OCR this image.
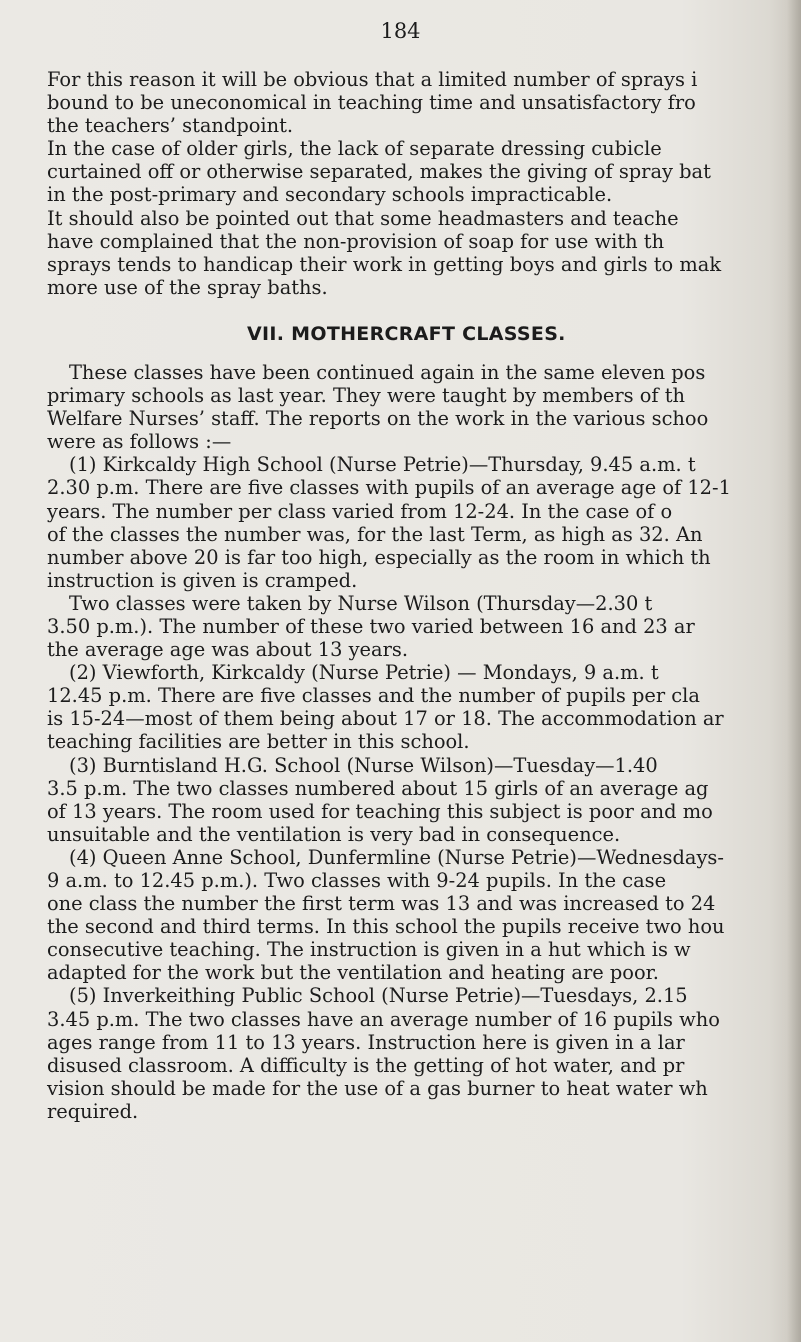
184
For this reason it will be obvious that a limited number of sprays i
bound to be uneconomical in teaching time and unsatisfactory fro
the teachers’ standpoint.
In the case of older girls, the lack of separate dressing cubicle
curtained off or otherwise separated, makes the giving of spray bat
in the post-primary and secondary schools impracticable.
It should also be pointed out that some headmasters and teache
have complained that the non-provision of soap for use with th
sprays tends to handicap their work in getting boys and girls to mak
more use of the spray baths.
VII. MOTHERCRAFT CLASSES.
These classes have been continued again in the same eleven pos
primary schools as last year. They were taught by members of th
Welfare Nurses’ staff. The reports on the work in the various schoo
were as follows :—
(1) Kirkcaldy High School (Nurse Petrie)—Thursday, 9.45 a.m. t
2.30 p.m. There are five classes with pupils of an average age of 12-1
years. The number per class varied from 12-24. In the case of o
of the classes the number was, for the last Term, as high as 32. An
number above 20 is far too high, especially as the room in which th
instruction is given is cramped.
Two classes were taken by Nurse Wilson (Thursday—2.30 t
3.50 p.m.). The number of these two varied between 16 and 23 ar
the average age was about 13 years.
(2) Viewforth, Kirkcaldy (Nurse Petrie) — Mondays, 9 a.m. t
12.45 p.m. There are five classes and the number of pupils per cla
is 15-24—most of them being about 17 or 18. The accommodation ar
teaching facilities are better in this school.
(3) Burntisland H.G. School (Nurse Wilson)—Tuesday—1.40
3.5 p.m. The two classes numbered about 15 girls of an average ag
of 13 years. The room used for teaching this subject is poor and mo
unsuitable and the ventilation is very bad in consequence.
(4) Queen Anne School, Dunfermline (Nurse Petrie)—Wednesdays-
9 a.m. to 12.45 p.m.). Two classes with 9-24 pupils. In the case
one class the number the first term was 13 and was increased to 24
the second and third terms. In this school the pupils receive two hou
consecutive teaching. The instruction is given in a hut which is w
adapted for the work but the ventilation and heating are poor.
(5) Inverkeithing Public School (Nurse Petrie)—Tuesdays, 2.15
3.45 p.m. The two classes have an average number of 16 pupils who
ages range from 11 to 13 years. Instruction here is given in a lar
disused classroom. A difficulty is the getting of hot water, and pr
vision should be made for the use of a gas burner to heat water wh
required.
